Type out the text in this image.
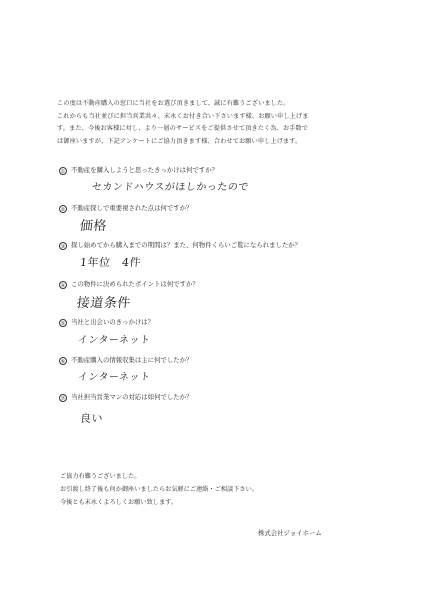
この度は不動産購入の窓口に当社をお選び頂きまして、誠に有難うございました。
これからも当社並びに担当営業共々、末永くお付き合い下さいます様、お願い申し上げま
す。また、今後お客様に対し、より一層のサービスをご提供させて頂きたく為、お手数で
は御座いますが、下記アンケートにご協力頂きます様、合わせてお願い申し上げます。
① 不動産を購入しようと思ったきっかけは何ですか？
セカンドハウスがほしかったので
② 不動産探しで重要視された点は何ですか？
価格
③ 探し始めてから購入までの期間は？また、何物件くらいご覧になられましたか？
1年位　4件
④ この物件に決められたポイントは何ですか？
接道条件
⑤ 当社と出会いのきっかけは？
インターネット
⑥ 不動産購入の情報収集は主に何でしたか？
インターネット
⑦ 当社担当営業マンの対応は如何でしたか？
良い
ご協力有難うございました。
お引渡し終了後も何か御座いましたらお気軽にご連絡・ご相談下さい。
今後とも末永くよろしくお願い致します。
株式会社ジョイホーム
